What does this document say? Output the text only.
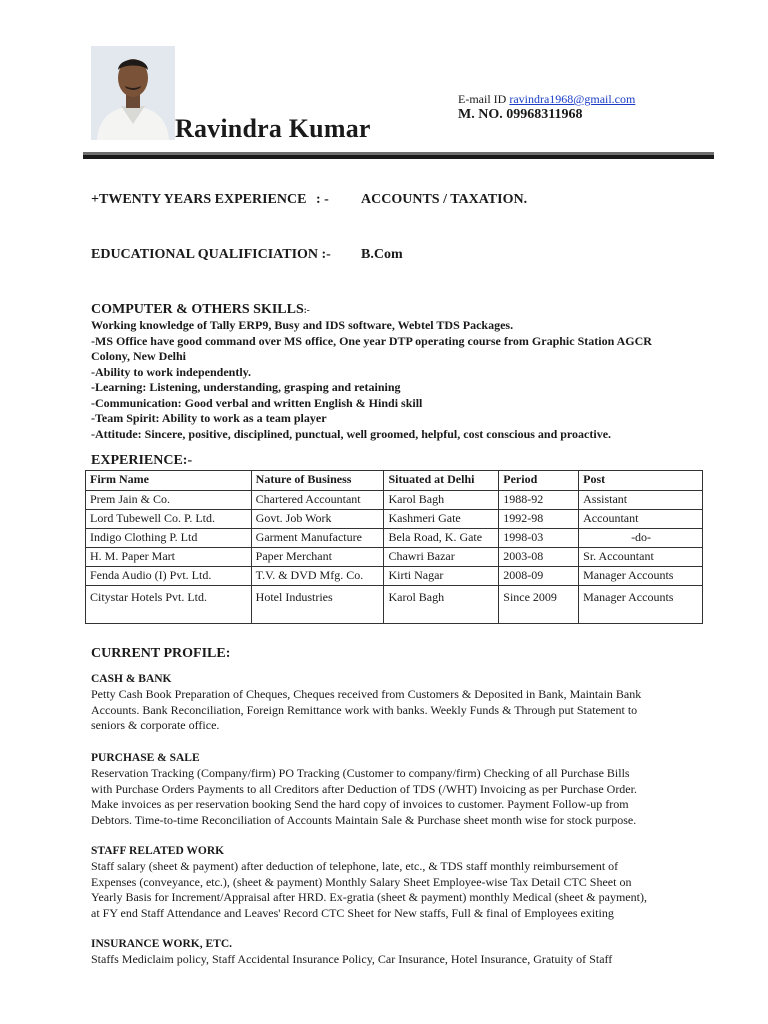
Ravindra Kumar
E-mail ID ravindra1968@gmail.com
M. NO. 09968311968
+TWENTY YEARS EXPERIENCE : - ACCOUNTS / TAXATION.
EDUCATIONAL QUALIFICIATION :- B.Com
COMPUTER & OTHERS SKILLS:-
Working knowledge of Tally ERP9, Busy and IDS software, Webtel TDS Packages.
-MS Office have good command over MS office, One year DTP operating course from Graphic Station AGCR
Colony, New Delhi
-Ability to work independently.
-Learning: Listening, understanding, grasping and retaining
-Communication: Good verbal and written English & Hindi skill
-Team Spirit: Ability to work as a team player
-Attitude: Sincere, positive, disciplined, punctual, well groomed, helpful, cost conscious and proactive.
EXPERIENCE:-
Firm Name	Nature of Business	Situated at Delhi	Period	Post
Prem Jain & Co.	Chartered Accountant	Karol Bagh	1988-92	Assistant
Lord Tubewell Co. P. Ltd.	Govt. Job Work	Kashmeri Gate	1992-98	Accountant
Indigo Clothing P. Ltd	Garment Manufacture	Bela Road, K. Gate	1998-03	-do-
H. M. Paper Mart	Paper Merchant	Chawri Bazar	2003-08	Sr. Accountant
Fenda Audio (I) Pvt. Ltd.	T.V. & DVD Mfg. Co.	Kirti Nagar	2008-09	Manager Accounts
Citystar Hotels Pvt. Ltd.	Hotel Industries	Karol Bagh	Since 2009	Manager Accounts
CURRENT PROFILE:
CASH & BANK
Petty Cash Book Preparation of Cheques, Cheques received from Customers & Deposited in Bank, Maintain Bank
Accounts. Bank Reconciliation, Foreign Remittance work with banks. Weekly Funds & Through put Statement to
seniors & corporate office.
PURCHASE & SALE
Reservation Tracking (Company/firm) PO Tracking (Customer to company/firm) Checking of all Purchase Bills
with Purchase Orders Payments to all Creditors after Deduction of TDS (/WHT) Invoicing as per Purchase Order.
Make invoices as per reservation booking Send the hard copy of invoices to customer. Payment Follow-up from
Debtors. Time-to-time Reconciliation of Accounts Maintain Sale & Purchase sheet month wise for stock purpose.
STAFF RELATED WORK
Staff salary (sheet & payment) after deduction of telephone, late, etc., & TDS staff monthly reimbursement of
Expenses (conveyance, etc.), (sheet & payment) Monthly Salary Sheet Employee-wise Tax Detail CTC Sheet on
Yearly Basis for Increment/Appraisal after HRD. Ex-gratia (sheet & payment) monthly Medical (sheet & payment),
at FY end Staff Attendance and Leaves' Record CTC Sheet for New staffs, Full & final of Employees exiting
INSURANCE WORK, ETC.
Staffs Mediclaim policy, Staff Accidental Insurance Policy, Car Insurance, Hotel Insurance, Gratuity of Staff
